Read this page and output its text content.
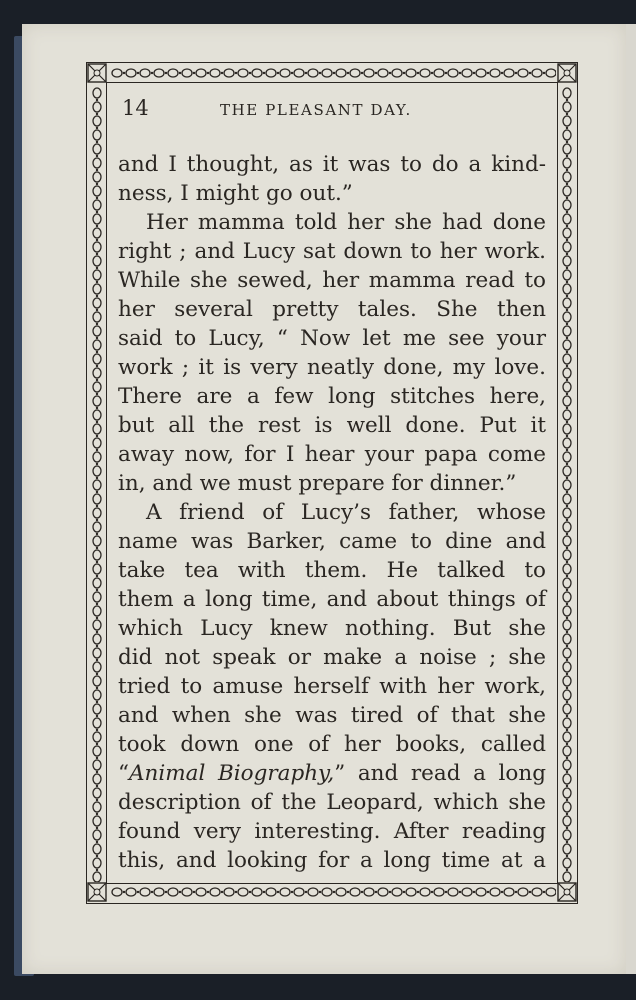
14	THE PLEASANT DAY.
and I thought, as it was to do a kind-
ness, I might go out.”
Her mamma told her she had done
right ; and Lucy sat down to her work.
While she sewed, her mamma read to
her several pretty tales. She then
said to Lucy, “ Now let me see your
work ; it is very neatly done, my love.
There are a few long stitches here,
but all the rest is well done. Put it
away now, for I hear your papa come
in, and we must prepare for dinner.”
A friend of Lucy’s father, whose
name was Barker, came to dine and
take tea with them. He talked to
them a long time, and about things of
which Lucy knew nothing. But she
did not speak or make a noise ; she
tried to amuse herself with her work,
and when she was tired of that she
took down one of her books, called
“Animal Biography,” and read a long
description of the Leopard, which she
found very interesting. After reading
this, and looking for a long time at a
